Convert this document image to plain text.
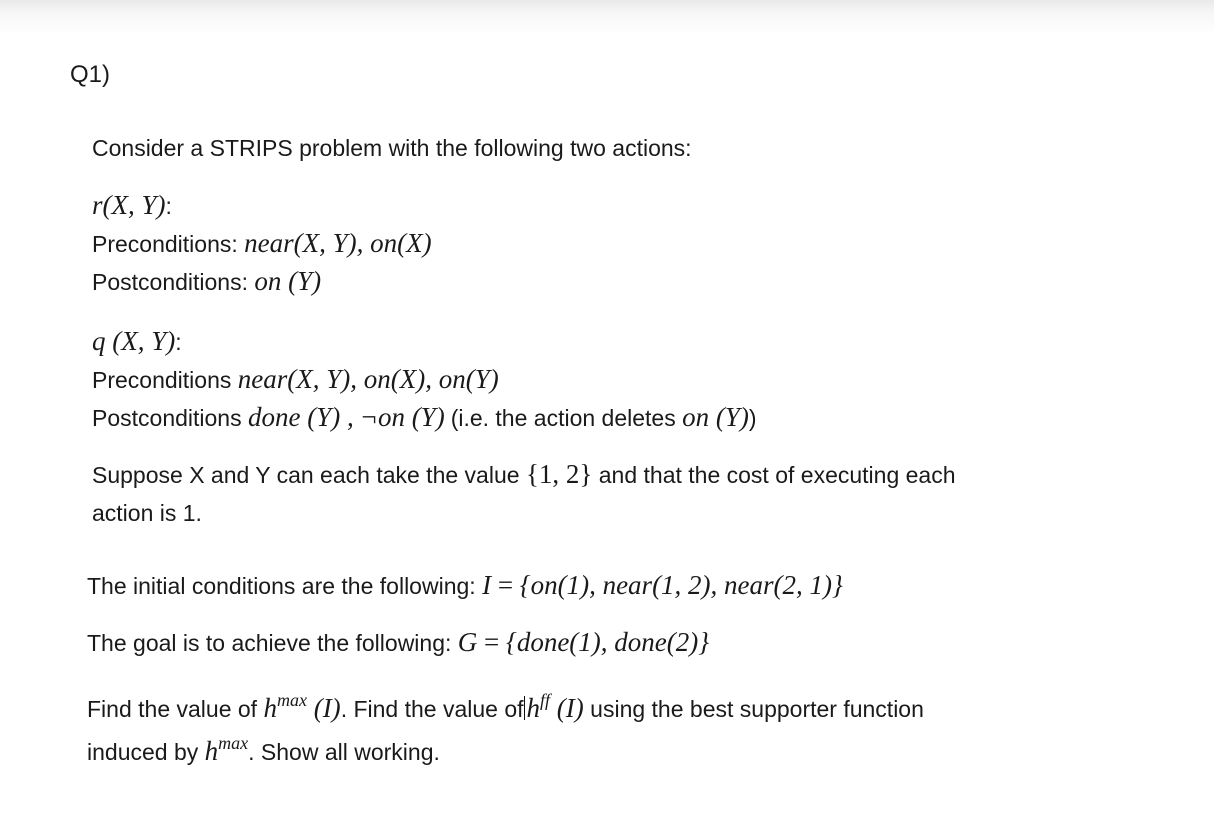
Q1)
Consider a STRIPS problem with the following two actions:
r(X, Y):
Preconditions: near(X, Y), on(X)
Postconditions: on (Y)
q (X, Y):
Preconditions near(X, Y), on(X), on(Y)
Postconditions done (Y) , ¬on (Y) (i.e. the action deletes on (Y))
Suppose X and Y can each take the value {1, 2} and that the cost of executing each
action is 1.
The initial conditions are the following: I = {on(1), near(1, 2), near(2, 1)}
The goal is to achieve the following: G = {done(1), done(2)}
Find the value of $h^{max}$ (I). Find the value of $h^{ff}$ (I) using the best supporter function
induced by $h^{max}$. Show all working.
